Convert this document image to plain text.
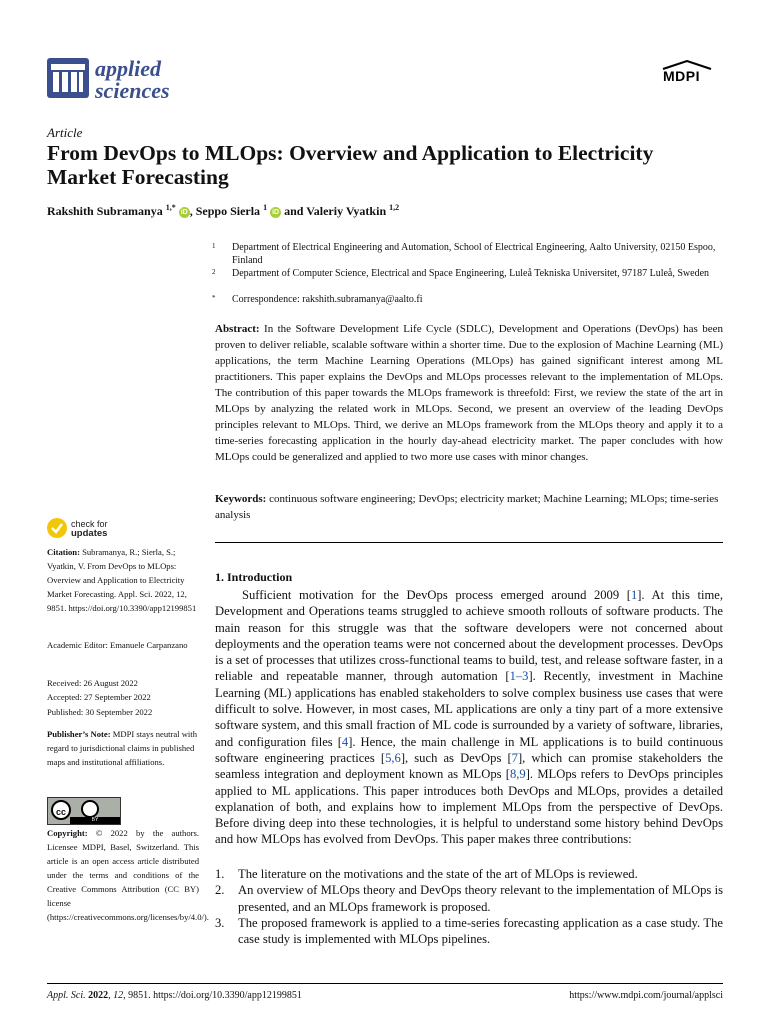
applied
sciences
MDPI
Article
From DevOps to MLOps: Overview and Application to Electricity Market Forecasting
Rakshith Subramanya $^{1,*}$ iD , Seppo Sierla $^1$ iD and Valeriy Vyatkin $^{1,2}$
1 Department of Electrical Engineering and Automation, School of Electrical Engineering, Aalto University, 02150 Espoo, Finland
2 Department of Computer Science, Electrical and Space Engineering, Luleå Tekniska Universitet, 97187 Luleå, Sweden
* Correspondence: rakshith.subramanya@aalto.fi
Abstract: In the Software Development Life Cycle (SDLC), Development and Operations (DevOps) has been proven to deliver reliable, scalable software within a shorter time. Due to the explosion of Machine Learning (ML) applications, the term Machine Learning Operations (MLOps) has gained significant interest among ML practitioners. This paper explains the DevOps and MLOps processes relevant to the implementation of MLOps. The contribution of this paper towards the MLOps framework is threefold: First, we review the state of the art in MLOps by analyzing the related work in MLOps. Second, we present an overview of the leading DevOps principles relevant to MLOps. Third, we derive an MLOps framework from the MLOps theory and apply it to a time-series forecasting application in the hourly day-ahead electricity market. The paper concludes with how MLOps could be generalized and applied to two more use cases with minor changes.
Keywords: continuous software engineering; DevOps; electricity market; Machine Learning; MLOps; time-series analysis
check for
updates
Citation: Subramanya, R.; Sierla, S.; Vyatkin, V. From DevOps to MLOps: Overview and Application to Electricity Market Forecasting. Appl. Sci. 2022, 12, 9851. https://doi.org/10.3390/app12199851
Academic Editor: Emanuele Carpanzano
Received: 26 August 2022
Accepted: 27 September 2022
Published: 30 September 2022
Publisher’s Note: MDPI stays neutral with regard to jurisdictional claims in published maps and institutional affiliations.
cc
BY
Copyright: © 2022 by the authors. Licensee MDPI, Basel, Switzerland. This article is an open access article distributed under the terms and conditions of the Creative Commons Attribution (CC BY) license (https://creativecommons.org/licenses/by/4.0/).
1. Introduction

Sufficient motivation for the DevOps process emerged around 2009 [1]. At this time, Development and Operations teams struggled to achieve smooth rollouts of software products. The main reason for this struggle was that the software developers were not concerned about deployments and the operation teams were not concerned about the development processes. DevOps is a set of processes that utilizes cross-functional teams to build, test, and release software faster, in a reliable and repeatable manner, through automation [1–3]. Recently, investment in Machine Learning (ML) applications has enabled stakeholders to solve complex business use cases that were difficult to solve. However, in most cases, ML applications are only a tiny part of a more extensive software system, and this small fraction of ML code is surrounded by a variety of software, libraries, and configuration files [4]. Hence, the main challenge in ML applications is to build continuous software engineering practices [5,6], such as DevOps [7], which can promise stakeholders the seamless integration and deployment known as MLOps [8,9]. MLOps refers to DevOps principles applied to ML applications. This paper introduces both DevOps and MLOps, provides a detailed explanation of both, and explains how to implement MLOps from the perspective of DevOps. Before diving deep into these technologies, it is helpful to understand some history behind DevOps and how MLOps has evolved from DevOps. This paper makes three contributions:

1. The literature on the motivations and the state of the art of MLOps is reviewed.
2. An overview of MLOps theory and DevOps theory relevant to the implementation of MLOps is presented, and an MLOps framework is proposed.
3. The proposed framework is applied to a time-series forecasting application as a case study. The case study is implemented with MLOps pipelines.
Appl. Sci. 2022, 12, 9851. https://doi.org/10.3390/app12199851	https://www.mdpi.com/journal/applsci
